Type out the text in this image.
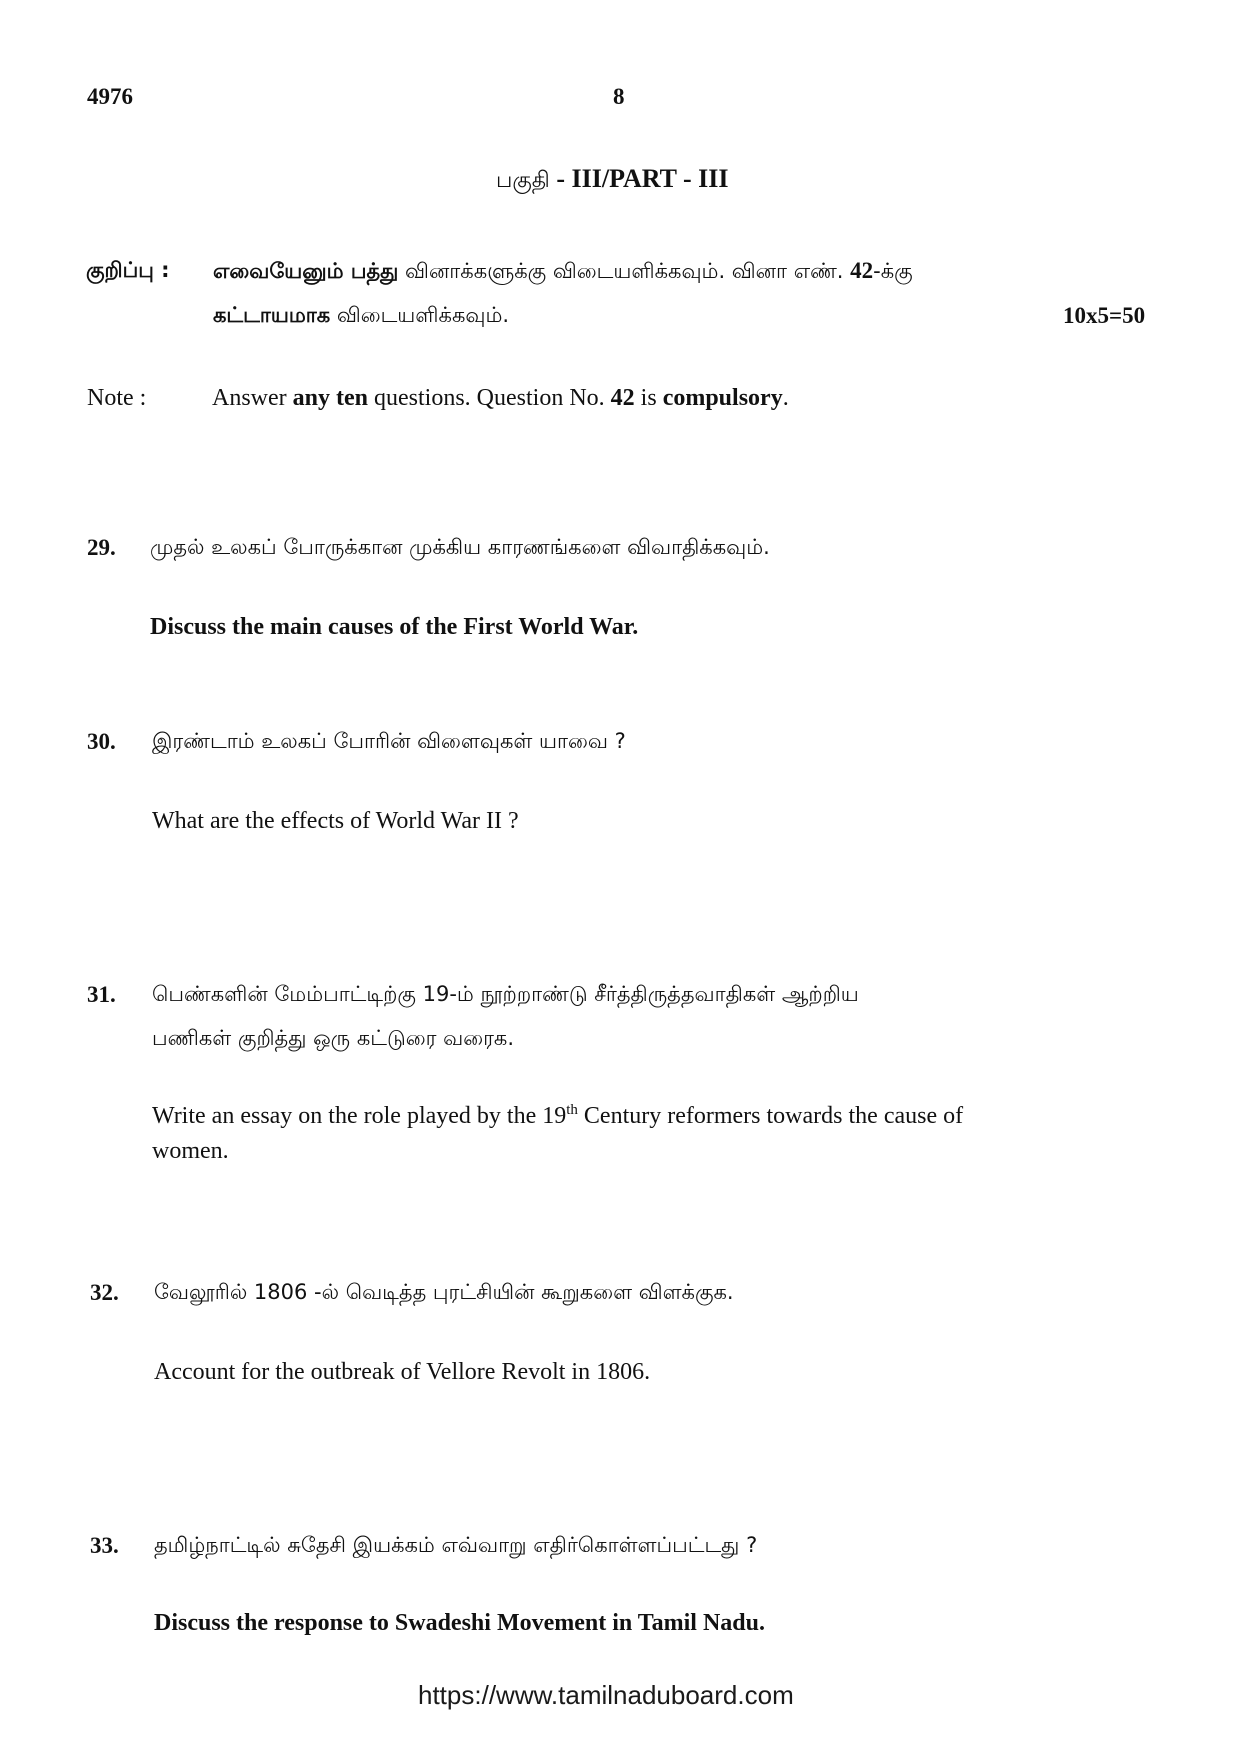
4976	8
பகுதி - III/PART - III
குறிப்பு : எவையேனும் பத்து வினாக்களுக்கு விடையளிக்கவும். வினா எண். 42-க்கு
கட்டாயமாக விடையளிக்கவும்.	10x5=50
Note :	Answer any ten questions. Question No. 42 is compulsory.
29. முதல் உலகப் போருக்கான முக்கிய காரணங்களை விவாதிக்கவும்.
Discuss the main causes of the First World War.
30. இரண்டாம் உலகப் போரின் விளைவுகள் யாவை ?
What are the effects of World War II ?
31. பெண்களின் மேம்பாட்டிற்கு 19-ம் நூற்றாண்டு சீர்த்திருத்தவாதிகள் ஆற்றிய
பணிகள் குறித்து ஒரு கட்டுரை வரைக.
Write an essay on the role played by the 19th Century reformers towards the cause of
women.
32. வேலூரில் 1806 -ல் வெடித்த புரட்சியின் கூறுகளை விளக்குக.
Account for the outbreak of Vellore Revolt in 1806.
33. தமிழ்நாட்டில் சுதேசி இயக்கம் எவ்வாறு எதிர்கொள்ளப்பட்டது ?
Discuss the response to Swadeshi Movement in Tamil Nadu.
https://www.tamilnaduboard.com
